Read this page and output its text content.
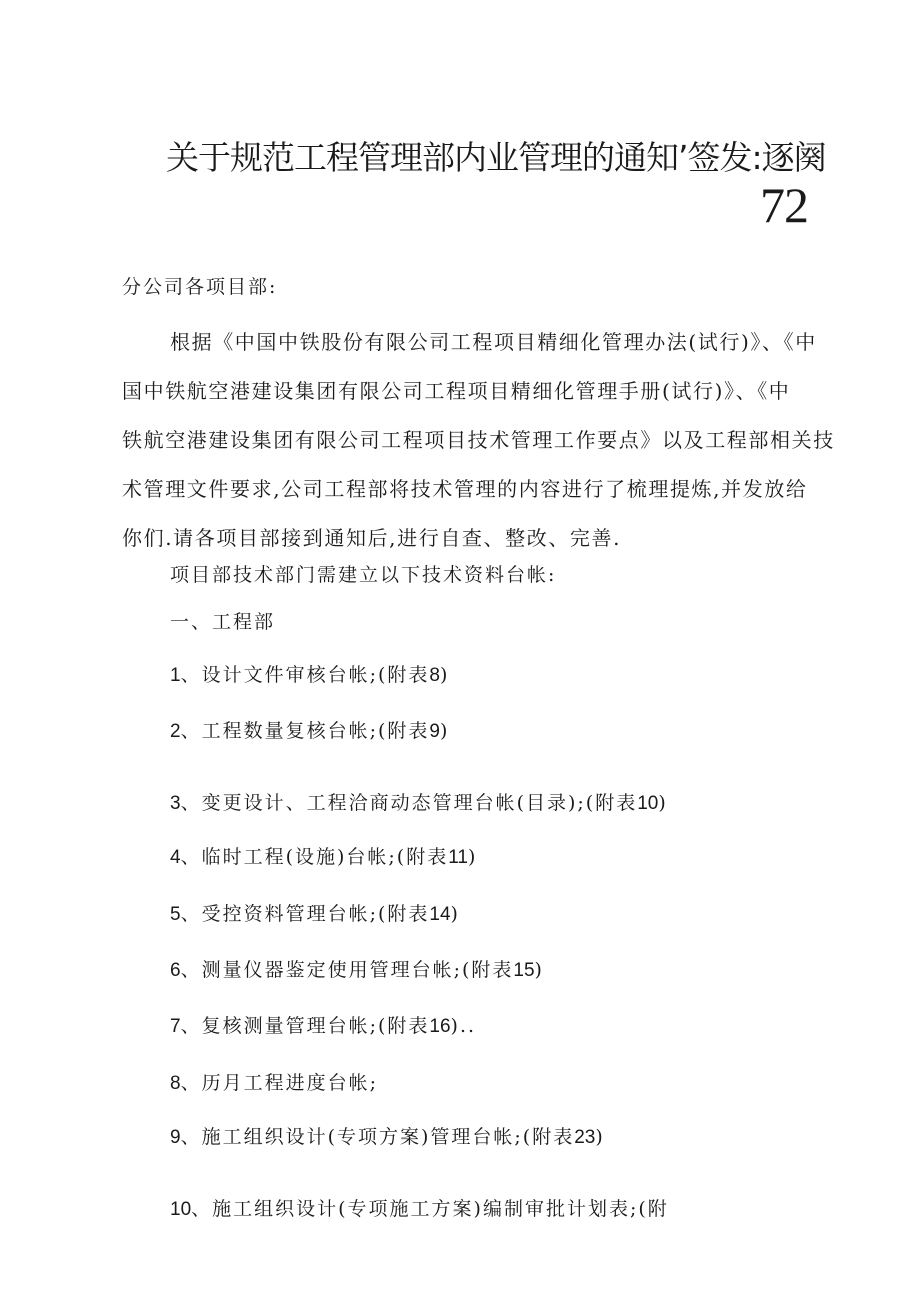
关于规范工程管理部内业管理的通知’签发:逐阕
72
分公司各项目部:
根据《中国中铁股份有限公司工程项目精细化管理办法(试行)》、《中
国中铁航空港建设集团有限公司工程项目精细化管理手册(试行)》、《中
铁航空港建设集团有限公司工程项目技术管理工作要点》以及工程部相关技
术管理文件要求,公司工程部将技术管理的内容进行了梳理提炼,并发放给
你们.请各项目部接到通知后,进行自查、整改、完善.
项目部技术部门需建立以下技术资料台帐:
一、工程部
1、设计文件审核台帐;(附表8)
2、工程数量复核台帐;(附表9)
3、变更设计、工程洽商动态管理台帐(目录);(附表10)
4、临时工程(设施)台帐;(附表11)
5、受控资料管理台帐;(附表14)
6、测量仪器鉴定使用管理台帐;(附表15)
7、复核测量管理台帐;(附表16)..
8、历月工程进度台帐;
9、施工组织设计(专项方案)管理台帐;(附表23)
10、施工组织设计(专项施工方案)编制审批计划表;(附
